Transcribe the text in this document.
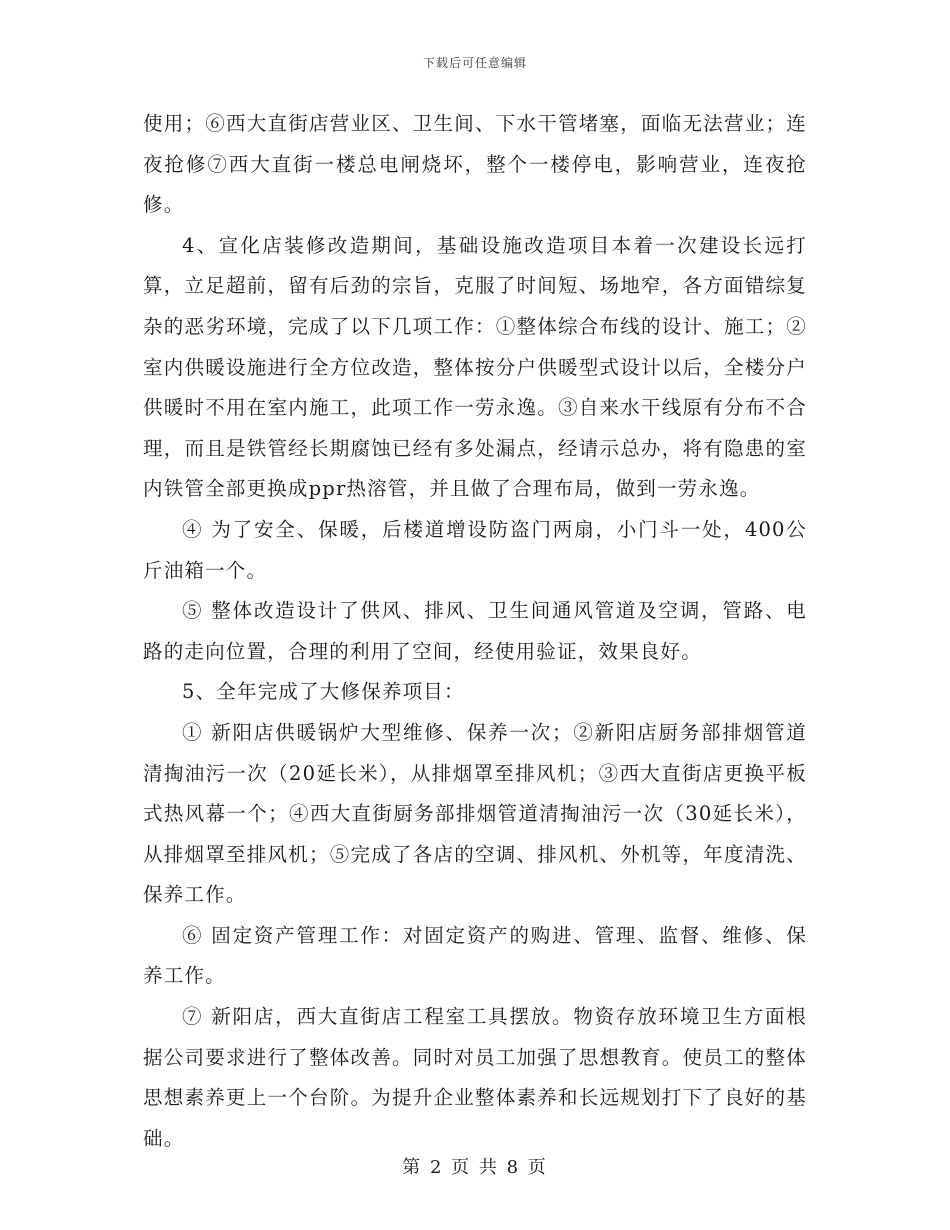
下载后可任意编辑

使用；⑥西大直街店营业区、卫生间、下水干管堵塞，面临无法营业；连夜抢修⑦西大直街一楼总电闸烧坏，整个一楼停电，影响营业，连夜抢修。

4、宣化店装修改造期间，基础设施改造项目本着一次建设长远打算，立足超前，留有后劲的宗旨，克服了时间短、场地窄，各方面错综复杂的恶劣环境，完成了以下几项工作：①整体综合布线的设计、施工；②室内供暖设施进行全方位改造，整体按分户供暖型式设计以后，全楼分户供暖时不用在室内施工，此项工作一劳永逸。③自来水干线原有分布不合理，而且是铁管经长期腐蚀已经有多处漏点，经请示总办，将有隐患的室内铁管全部更换成ppr热溶管，并且做了合理布局，做到一劳永逸。

④ 为了安全、保暖，后楼道增设防盗门两扇，小门斗一处，400公斤油箱一个。

⑤ 整体改造设计了供风、排风、卫生间通风管道及空调，管路、电路的走向位置，合理的利用了空间，经使用验证，效果良好。

5、全年完成了大修保养项目：

① 新阳店供暖锅炉大型维修、保养一次；②新阳店厨务部排烟管道清掏油污一次（20延长米），从排烟罩至排风机；③西大直街店更换平板式热风幕一个；④西大直街厨务部排烟管道清掏油污一次（30延长米），从排烟罩至排风机；⑤完成了各店的空调、排风机、外机等，年度清洗、保养工作。

⑥ 固定资产管理工作：对固定资产的购进、管理、监督、维修、保养工作。

⑦ 新阳店，西大直街店工程室工具摆放。物资存放环境卫生方面根据公司要求进行了整体改善。同时对员工加强了思想教育。使员工的整体思想素养更上一个台阶。为提升企业整体素养和长远规划打下了良好的基础。

第 2 页 共 8 页
